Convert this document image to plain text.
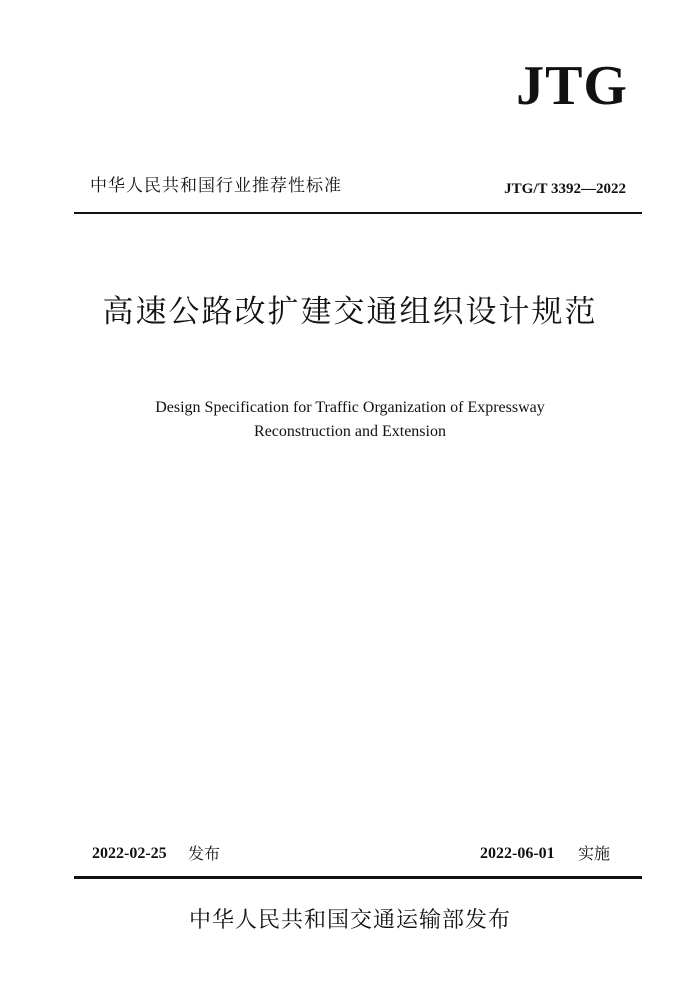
JTG
中华人民共和国行业推荐性标准	JTG/T 3392—2022
高速公路改扩建交通组织设计规范
Design Specification for Traffic Organization of Expressway
Reconstruction and Extension
2022-02-25 发布	2022-06-01 实施
中华人民共和国交通运输部发布
